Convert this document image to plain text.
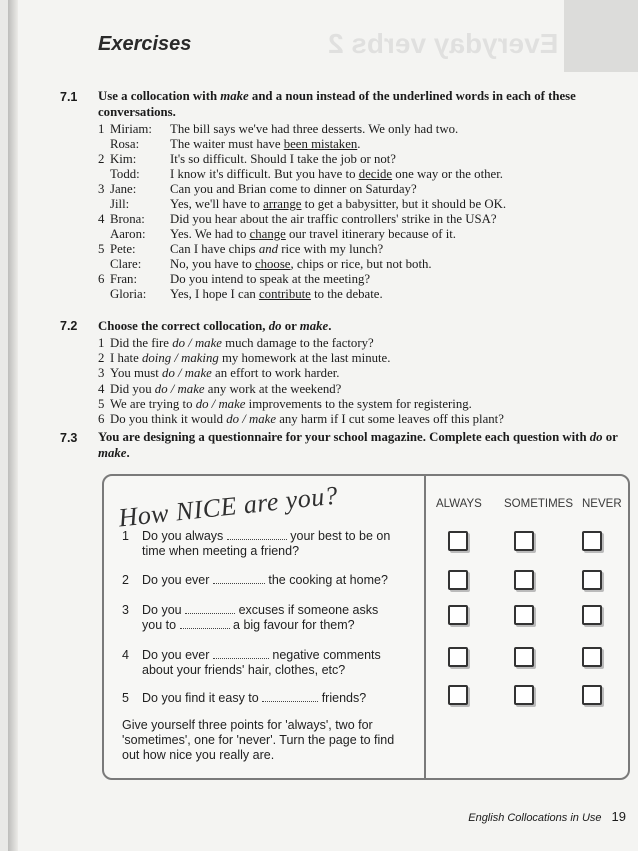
Everyday verbs 2
Exercises
7.1 Use a collocation with make and a noun instead of the underlined words in each of these conversations.
1 Miriam:	The bill says we've had three desserts. We only had two.
Rosa:	The waiter must have been mistaken.
2 Kim:	It's so difficult. Should I take the job or not?
Todd:	I know it's difficult. But you have to decide one way or the other.
3 Jane:	Can you and Brian come to dinner on Saturday?
Jill:	Yes, we'll have to arrange to get a babysitter, but it should be OK.
4 Brona:	Did you hear about the air traffic controllers' strike in the USA?
Aaron:	Yes. We had to change our travel itinerary because of it.
5 Pete:	Can I have chips and rice with my lunch?
Clare:	No, you have to choose, chips or rice, but not both.
6 Fran:	Do you intend to speak at the meeting?
Gloria:	Yes, I hope I can contribute to the debate.
7.2 Choose the correct collocation, do or make.
1 Did the fire do / make much damage to the factory?
2 I hate doing / making my homework at the last minute.
3 You must do / make an effort to work harder.
4 Did you do / make any work at the weekend?
5 We are trying to do / make improvements to the system for registering.
6 Do you think it would do / make any harm if I cut some leaves off this plant?
7.3 You are designing a questionnaire for your school magazine. Complete each question with do or make.
How NICE are you?	ALWAYS SOMETIMES NEVER
1 Do you always	your best to be on
time when meeting a friend?
2 Do you ever	the cooking at home?
3 Do you	excuses if someone asks
you to	a big favour for them?
4 Do you ever	negative comments
about your friends' hair, clothes, etc?
5 Do you find it easy to	friends?
Give yourself three points for 'always', two for 'sometimes', one for 'never'. Turn the page to find out how nice you really are.
English Collocations in Use 19
